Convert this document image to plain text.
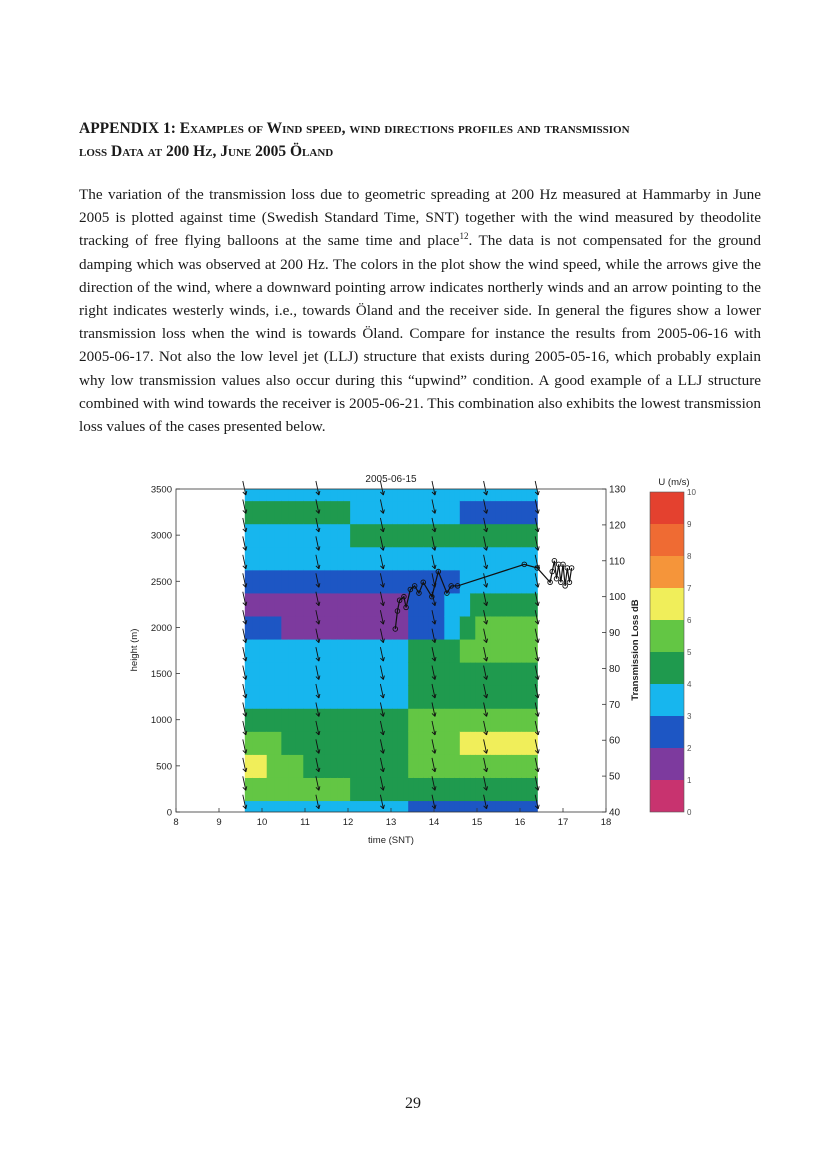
APPENDIX 1: Examples of Wind speed, wind directions profiles and transmission
loss Data at 200 Hz, June 2005 Öland

The variation of the transmission loss due to geometric spreading at 200 Hz measured at Hammarby in June 2005 is plotted against time (Swedish Standard Time, SNT) together with the wind measured by theodolite tracking of free flying balloons at the same time and place$^{12}$. The data is not compensated for the ground damping which was observed at 200 Hz. The colors in the plot show the wind speed, while the arrows give the direction of the wind, where a downward pointing arrow indicates northerly winds and an arrow pointing to the right indicates westerly winds, i.e., towards Öland and the receiver side. In general the figures show a lower transmission loss when the wind is towards Öland. Compare for instance the results from 2005-06-16 with 2005-06-17. Not also the low level jet (LLJ) structure that exists during 2005-05-16, which probably explain why low transmission values also occur during this “upwind” condition. A good example of a LLJ structure combined with wind towards the receiver is 2005-06-21. This combination also exhibits the lowest transmission loss values of the cases presented below.

8	9	10	11	12	13	14	15	16	17	18
0
500
1000
1500
2000
2500
3000
3500
40
50
60
70
80
90
100
110
120
130
2005-06-15
time (SNT)
height (m)	Transmission Loss dB
0
1
2
3
4
5
6
7
8
9
10
U (m/s)
29
